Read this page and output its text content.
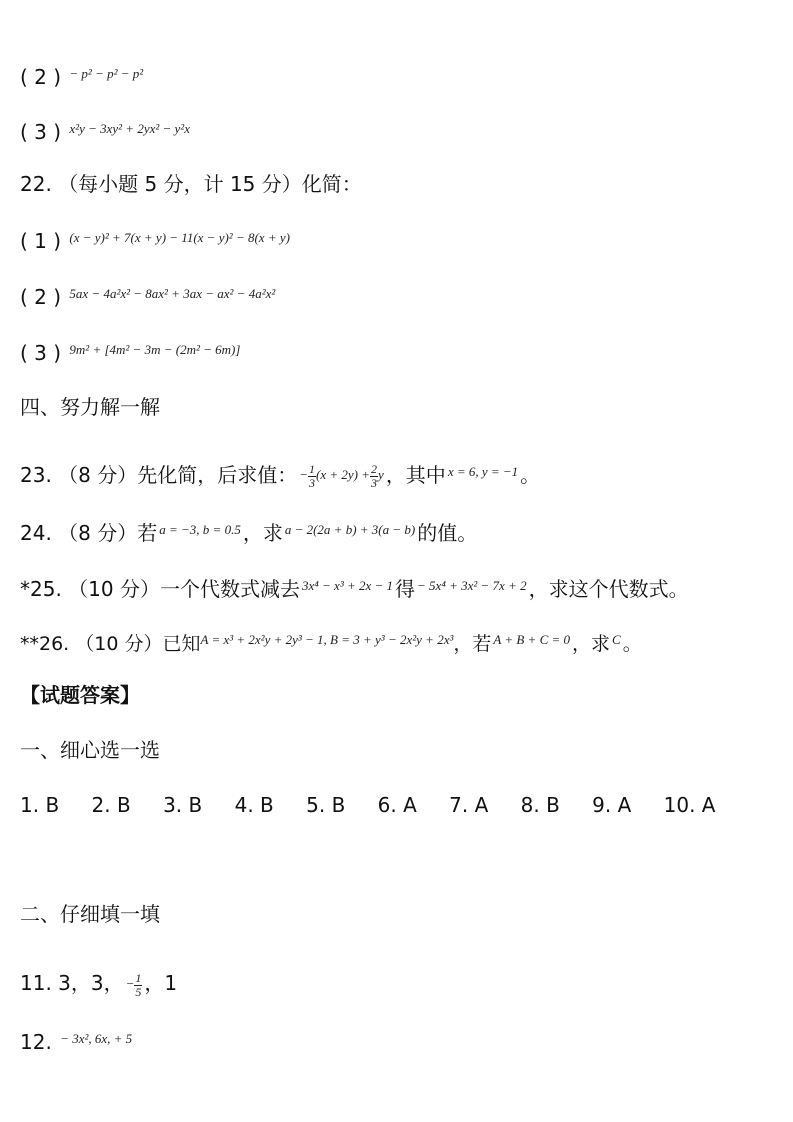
( 2 ) $^{- p^2 - p^2 - p^2}$
( 3 ) $^{x^2y - 3xy^2 + 2yx^2 - y^2x}$
22. （每小题 5 分，计 15 分）化简：
( 1 ) $^{(x - y)^2 + 7(x + y) - 11(x - y)^2 - 8(x + y)}$
( 2 ) $^{5ax - 4a^2x^2 - 8ax^2 + 3ax - ax^2 - 4a^2x^2}$
( 3 ) $^{9m^2 + [4m^2 - 3m - (2m^2 - 6m)]}$
四、努力解一解
23. （8 分）先化简，后求值： − $\frac{1}{3} (x + 2y) + \frac{2}{3}$ y ，其中 $^{x = 6, y = -1}$ 。
24. （8 分）若 $^{a = -3, b = 0.5}$ ，求 $^{a - 2(2a + b) + 3(a - b)}$ 的值。
*25. （10 分）一个代数式减去 $^{3x^4 - x^3 + 2x - 1}$ 得 $^{- 5x^4 + 3x^2 - 7x + 2}$ ，求这个代数式。
**26. （10 分）已知$^{A = x^3 + 2x^2y + 2y^3 - 1, B = 3 + y^3 - 2x^2y + 2x^3}$，若 $^{A + B + C = 0}$ ，求 $^C$ 。
【试题答案】
一、细心选一选
1. B 2. B 3. B 4. B 5. B 6. A 7. A 8. B 9. A 10. A
二、仔细填一填
11. 3，3， − $\frac{1}{5}$ ，1
12. $^{- 3x^2, 6x, + 5}$
